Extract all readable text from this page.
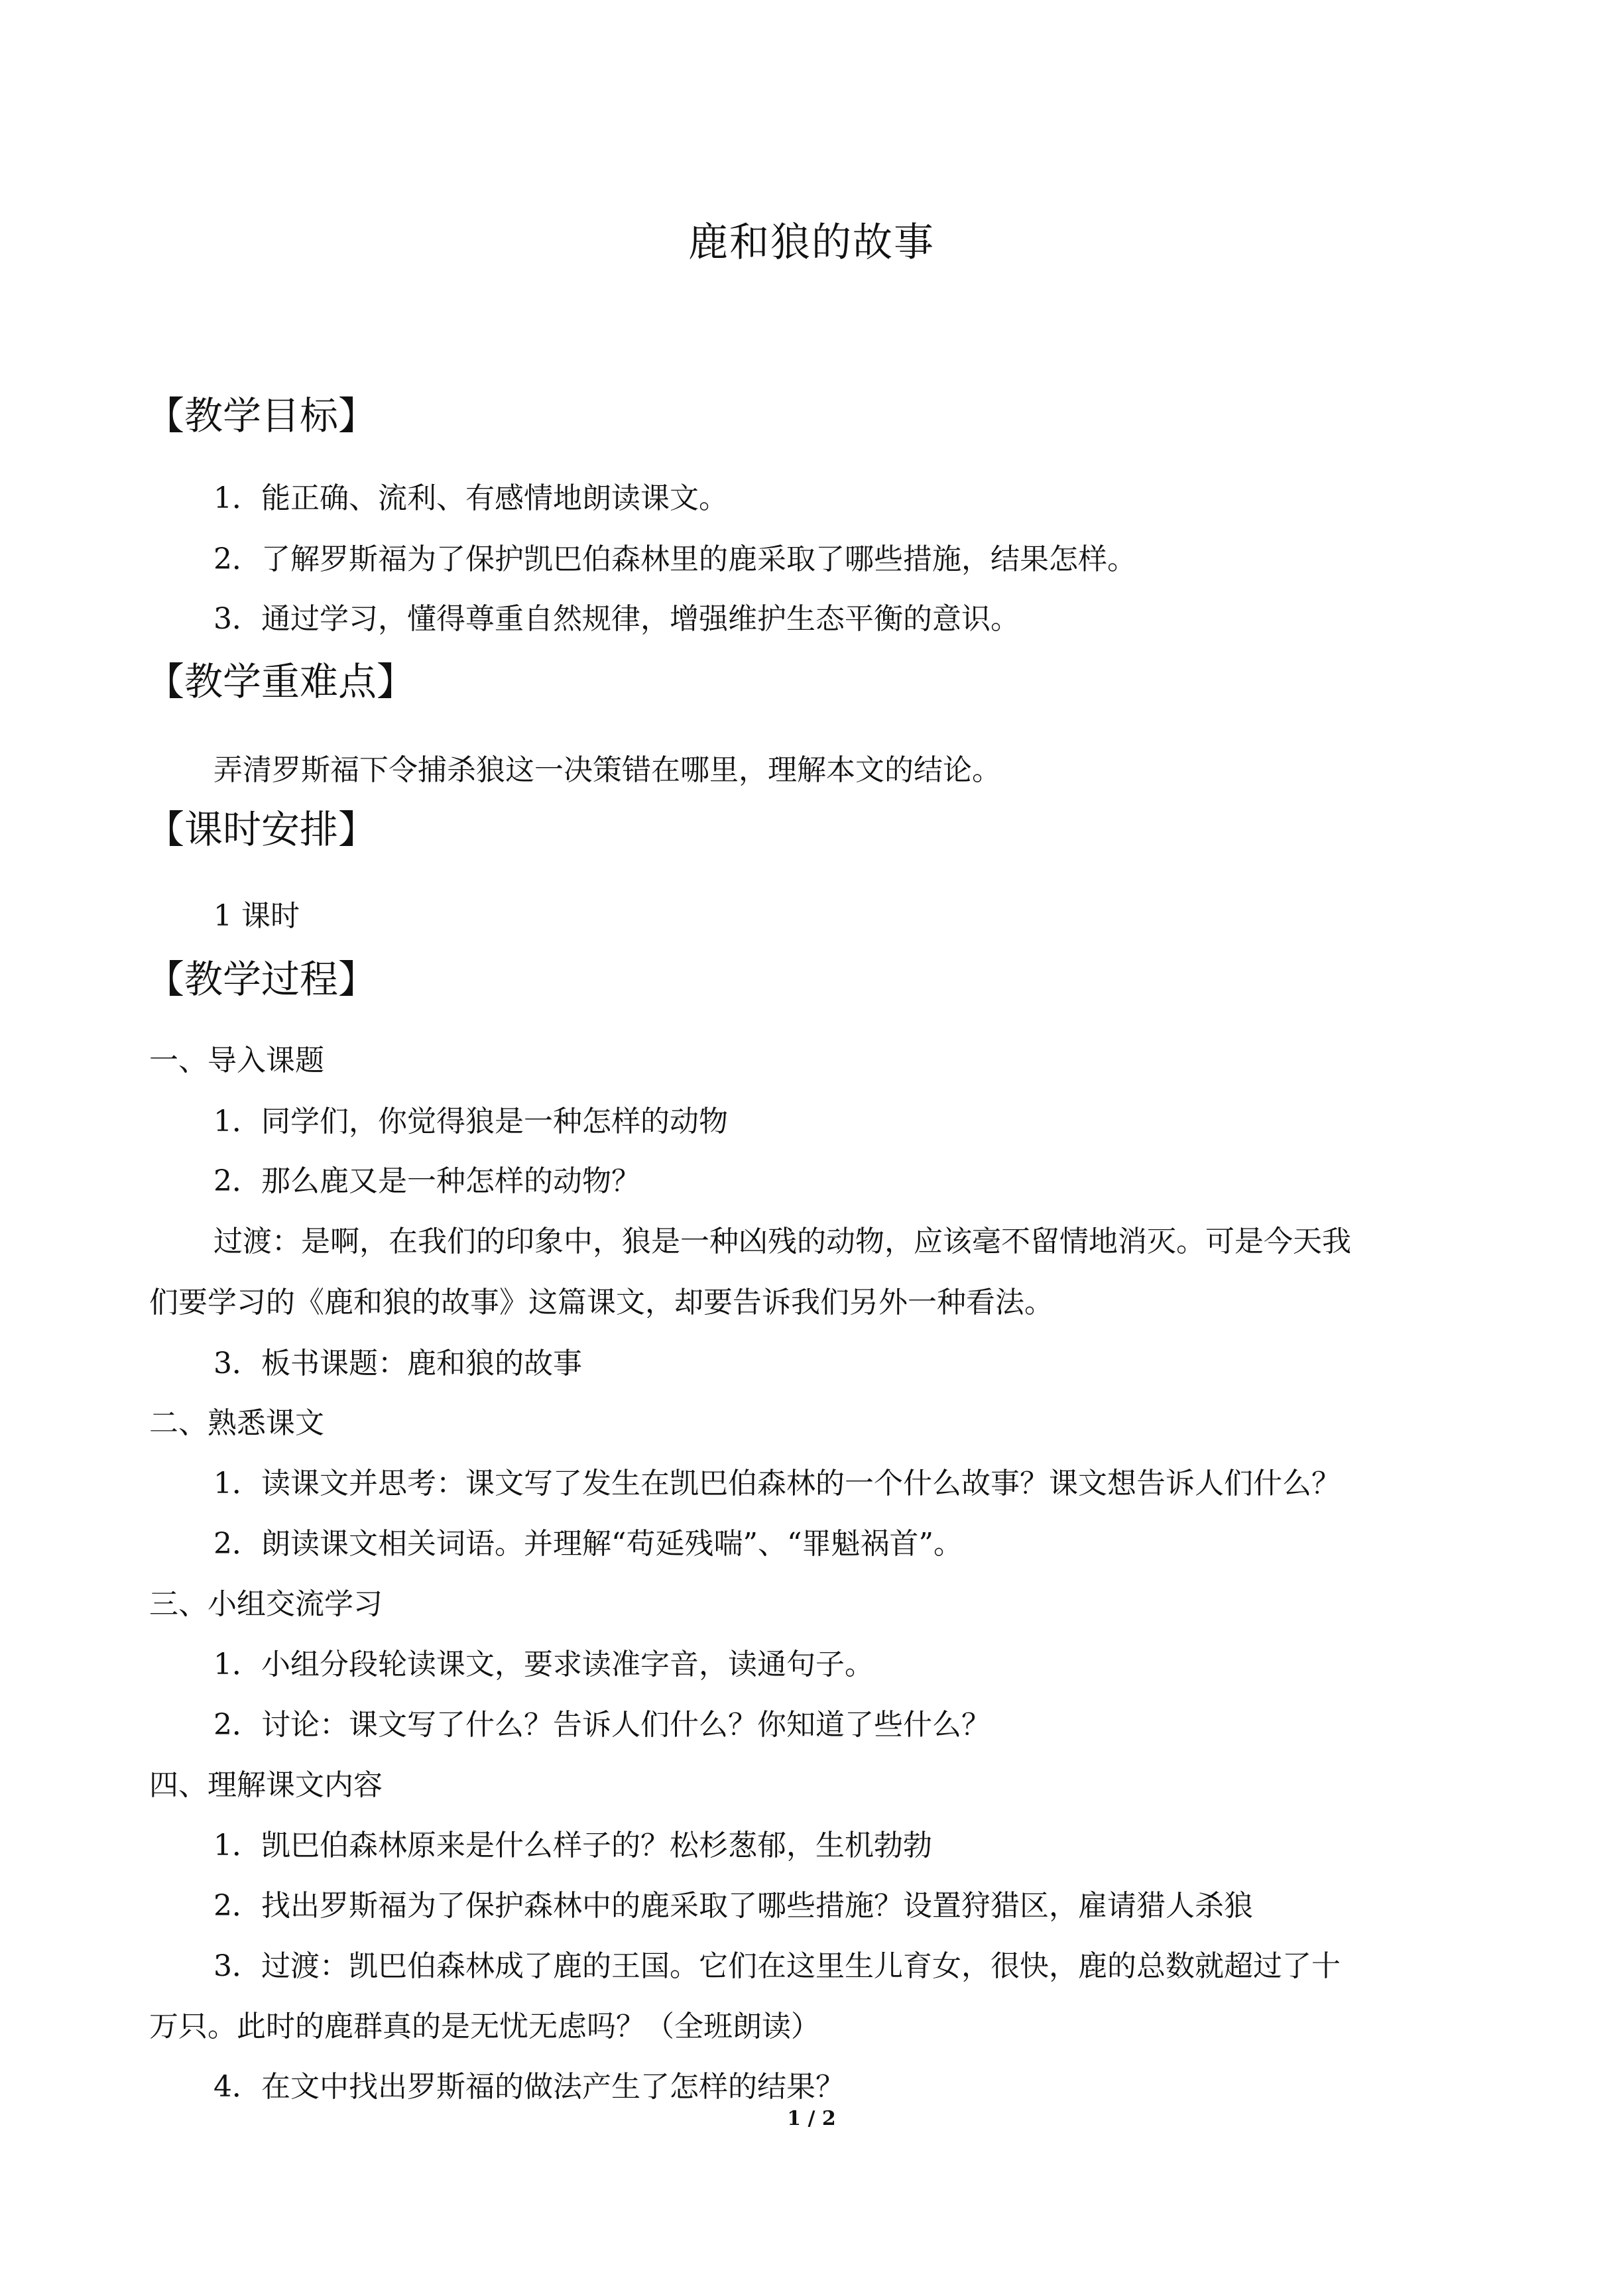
鹿和狼的故事
【教学目标】
1．能正确、流利、有感情地朗读课文。
2．了解罗斯福为了保护凯巴伯森林里的鹿采取了哪些措施，结果怎样。
3．通过学习，懂得尊重自然规律，增强维护生态平衡的意识。
【教学重难点】
弄清罗斯福下令捕杀狼这一决策错在哪里，理解本文的结论。
【课时安排】
1 课时
【教学过程】
一、导入课题
1．同学们，你觉得狼是一种怎样的动物
2．那么鹿又是一种怎样的动物？
过渡：是啊，在我们的印象中，狼是一种凶残的动物，应该毫不留情地消灭。可是今天我
们要学习的《鹿和狼的故事》这篇课文，却要告诉我们另外一种看法。
3．板书课题：鹿和狼的故事
二、熟悉课文
1．读课文并思考：课文写了发生在凯巴伯森林的一个什么故事？课文想告诉人们什么？
2．朗读课文相关词语。并理解“苟延残喘”、“罪魁祸首”。
三、小组交流学习
1．小组分段轮读课文，要求读准字音，读通句子。
2．讨论：课文写了什么？告诉人们什么？你知道了些什么？
四、理解课文内容
1．凯巴伯森林原来是什么样子的？松杉葱郁，生机勃勃
2．找出罗斯福为了保护森林中的鹿采取了哪些措施？设置狩猎区，雇请猎人杀狼
3．过渡：凯巴伯森林成了鹿的王国。它们在这里生儿育女，很快，鹿的总数就超过了十
万只。此时的鹿群真的是无忧无虑吗？（全班朗读）
4．在文中找出罗斯福的做法产生了怎样的结果？
1 / 2
